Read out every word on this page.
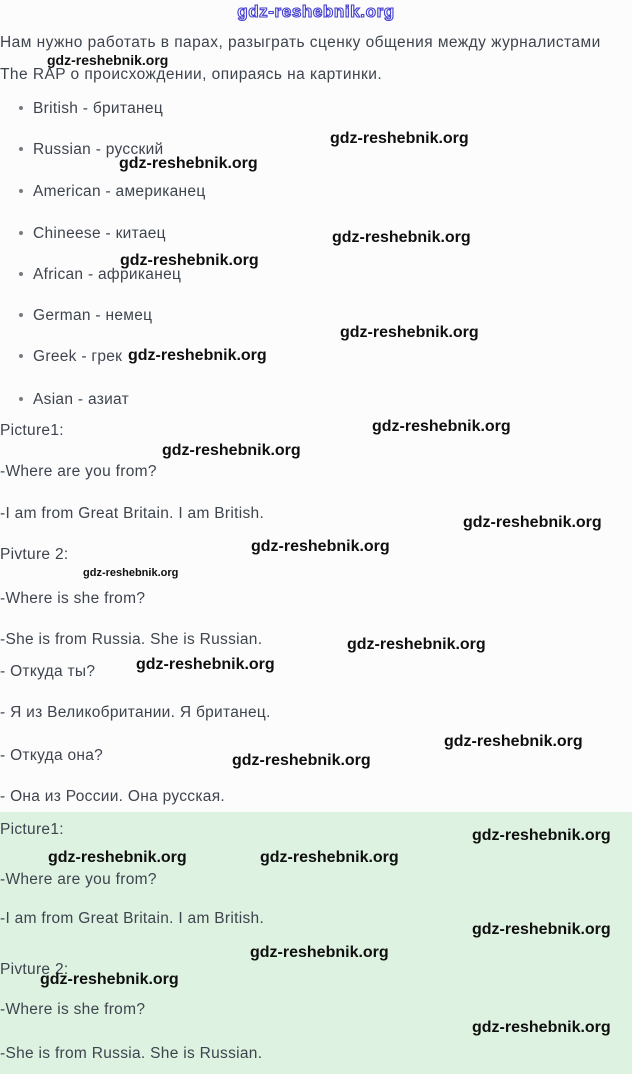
gdz-reshebnik.org
Нам нужно работать в парах, разыграть сценку общения между журналистами
The RAP о происхождении, опираясь на картинки.
British - британец
Russian - русский
American - американец
Chineese - китаец
African - африканец
German - немец
Greek - грек
Asian - азиат
Picture1:
-Where are you from?
-I am from Great Britain. I am British.
Pivture 2:
-Where is she from?
-She is from Russia. She is Russian.
- Откуда ты?
- Я из Великобритании. Я британец.
- Откуда она?
- Она из России. Она русская.
Picture1:
-Where are you from?
-I am from Great Britain. I am British.
Pivture 2:
-Where is she from?
-She is from Russia. She is Russian.
gdz-reshebnik.org
gdz-reshebnik.org
gdz-reshebnik.org
gdz-reshebnik.org
gdz-reshebnik.org
gdz-reshebnik.org
gdz-reshebnik.org
gdz-reshebnik.org
gdz-reshebnik.org
gdz-reshebnik.org
gdz-reshebnik.org
gdz-reshebnik.org
gdz-reshebnik.org
gdz-reshebnik.org
gdz-reshebnik.org
gdz-reshebnik.org
gdz-reshebnik.org
gdz-reshebnik.org	gdz-reshebnik.org
gdz-reshebnik.org
gdz-reshebnik.org
gdz-reshebnik.org
gdz-reshebnik.org
